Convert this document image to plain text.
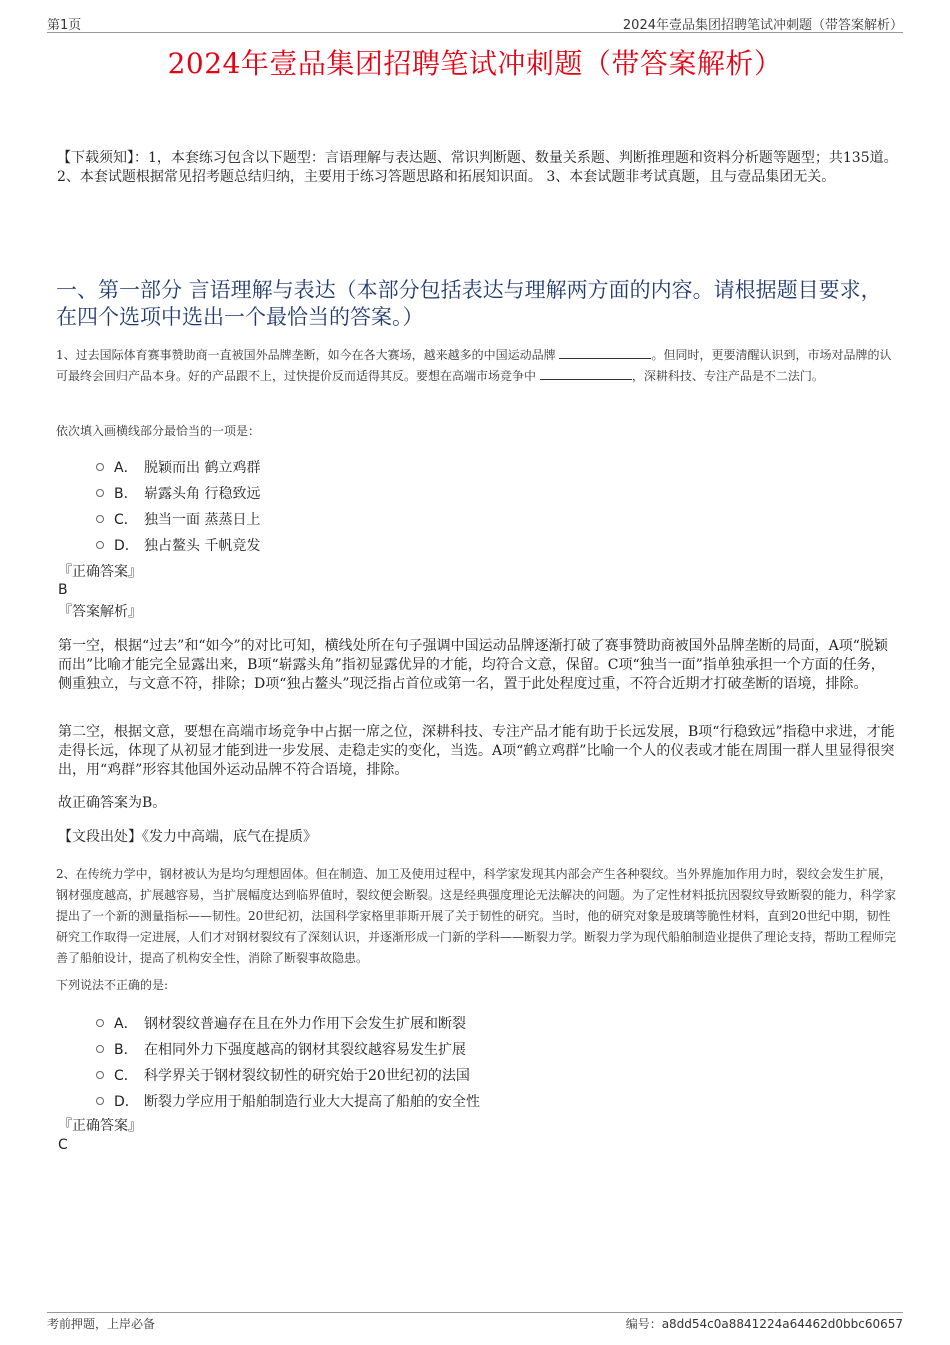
第1页	2024年壹品集团招聘笔试冲刺题（带答案解析）
2024年壹品集团招聘笔试冲刺题（带答案解析）
【下载须知】：1，本套练习包含以下题型：言语理解与表达题、常识判断题、数量关系题、判断推理题和资料分析题等题型；共135道。 2、本套试题根据常见招考题总结归纳，主要用于练习答题思路和拓展知识面。 3、本套试题非考试真题，且与壹品集团无关。
一、第一部分 言语理解与表达（本部分包括表达与理解两方面的内容。请根据题目要求，在四个选项中选出一个最恰当的答案。）
1、过去国际体育赛事赞助商一直被国外品牌垄断，如今在各大赛场，越来越多的中国运动品牌	。但同时，更要清醒认识到，市场对品牌的认可最终会回归产品本身。好的产品跟不上，过快提价反而适得其反。要想在高端市场竞争中	，深耕科技、专注产品是不二法门。
依次填入画横线部分最恰当的一项是：
A． 脱颖而出 鹤立鸡群
B． 崭露头角 行稳致远
C． 独当一面 蒸蒸日上
D． 独占鳌头 千帆竞发
『正确答案』
B
『答案解析』
第一空，根据“过去”和“如今”的对比可知，横线处所在句子强调中国运动品牌逐渐打破了赛事赞助商被国外品牌垄断的局面，A项“脱颖而出”比喻才能完全显露出来，B项“崭露头角”指初显露优异的才能，均符合文意，保留。C项“独当一面”指单独承担一个方面的任务，侧重独立，与文意不符，排除；D项“独占鳌头”现泛指占首位或第一名，置于此处程度过重，不符合近期才打破垄断的语境，排除。
第二空，根据文意，要想在高端市场竞争中占据一席之位，深耕科技、专注产品才能有助于长远发展，B项“行稳致远”指稳中求进，才能走得长远，体现了从初显才能到进一步发展、走稳走实的变化，当选。A项“鹤立鸡群”比喻一个人的仪表或才能在周围一群人里显得很突出，用“鸡群”形容其他国外运动品牌不符合语境，排除。
故正确答案为B。
【文段出处】《发力中高端，底气在提质》
2、在传统力学中，钢材被认为是均匀理想固体。但在制造、加工及使用过程中，科学家发现其内部会产生各种裂纹。当外界施加作用力时，裂纹会发生扩展，钢材强度越高，扩展越容易，当扩展幅度达到临界值时，裂纹便会断裂。这是经典强度理论无法解决的问题。为了定性材料抵抗因裂纹导致断裂的能力，科学家提出了一个新的测量指标——韧性。20世纪初，法国科学家格里菲斯开展了关于韧性的研究。当时，他的研究对象是玻璃等脆性材料，直到20世纪中期，韧性研究工作取得一定进展，人们才对钢材裂纹有了深刻认识，并逐渐形成一门新的学科——断裂力学。断裂力学为现代船舶制造业提供了理论支持，帮助工程师完善了船舶设计，提高了机构安全性，消除了断裂事故隐患。
下列说法不正确的是:
A． 钢材裂纹普遍存在且在外力作用下会发生扩展和断裂
B． 在相同外力下强度越高的钢材其裂纹越容易发生扩展
C． 科学界关于钢材裂纹韧性的研究始于20世纪初的法国
D． 断裂力学应用于船舶制造行业大大提高了船舶的安全性
『正确答案』
C
考前押题，上岸必备	编号：a8dd54c0a8841224a64462d0bbc60657
